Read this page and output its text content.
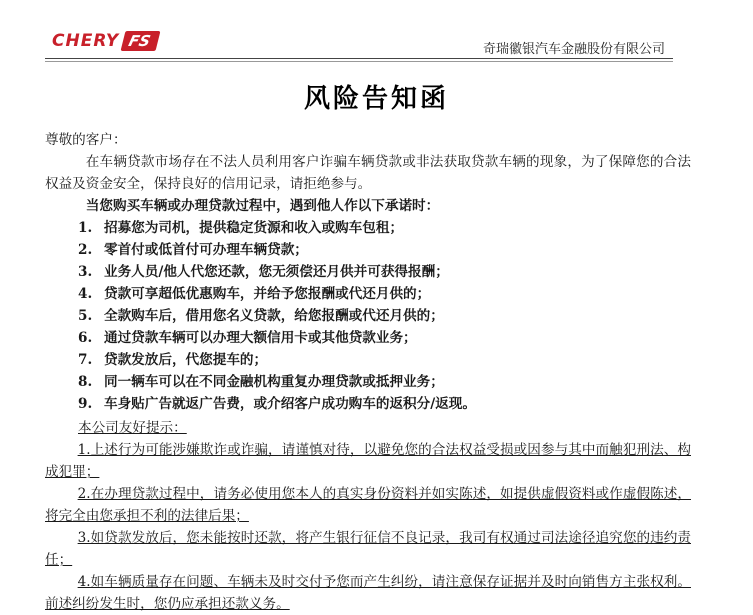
CHERY FS	奇瑞徽银汽车金融股份有限公司
风险告知函

尊敬的客户：

在车辆贷款市场存在不法人员利用客户诈骗车辆贷款或非法获取贷款车辆的现象，为了保障您的合法权益及资金安全，保持良好的信用记录，请拒绝参与。

当您购买车辆或办理贷款过程中，遇到他人作以下承诺时：

1. 招募您为司机，提供稳定货源和收入或购车包租；

2. 零首付或低首付可办理车辆贷款；

3. 业务人员/他人代您还款，您无须偿还月供并可获得报酬；

4. 贷款可享超低优惠购车，并给予您报酬或代还月供的；

5. 全款购车后，借用您名义贷款，给您报酬或代还月供的；

6. 通过贷款车辆可以办理大额信用卡或其他贷款业务；

7. 贷款发放后，代您提车的；

8. 同一辆车可以在不同金融机构重复办理贷款或抵押业务；

9. 车身贴广告就返广告费，或介绍客户成功购车的返积分/返现。

本公司友好提示：

1.上述行为可能涉嫌欺诈或诈骗，请谨慎对待，以避免您的合法权益受损或因参与其中而触犯刑法、构成犯罪；

2.在办理贷款过程中，请务必使用您本人的真实身份资料并如实陈述，如提供虚假资料或作虚假陈述，将完全由您承担不利的法律后果；

3.如贷款发放后，您未能按时还款，将产生银行征信不良记录，我司有权通过司法途径追究您的违约责任；

4.如车辆质量存在问题、车辆未及时交付予您而产生纠纷，请注意保存证据并及时向销售方主张权利。前述纠纷发生时，您仍应承担还款义务。
